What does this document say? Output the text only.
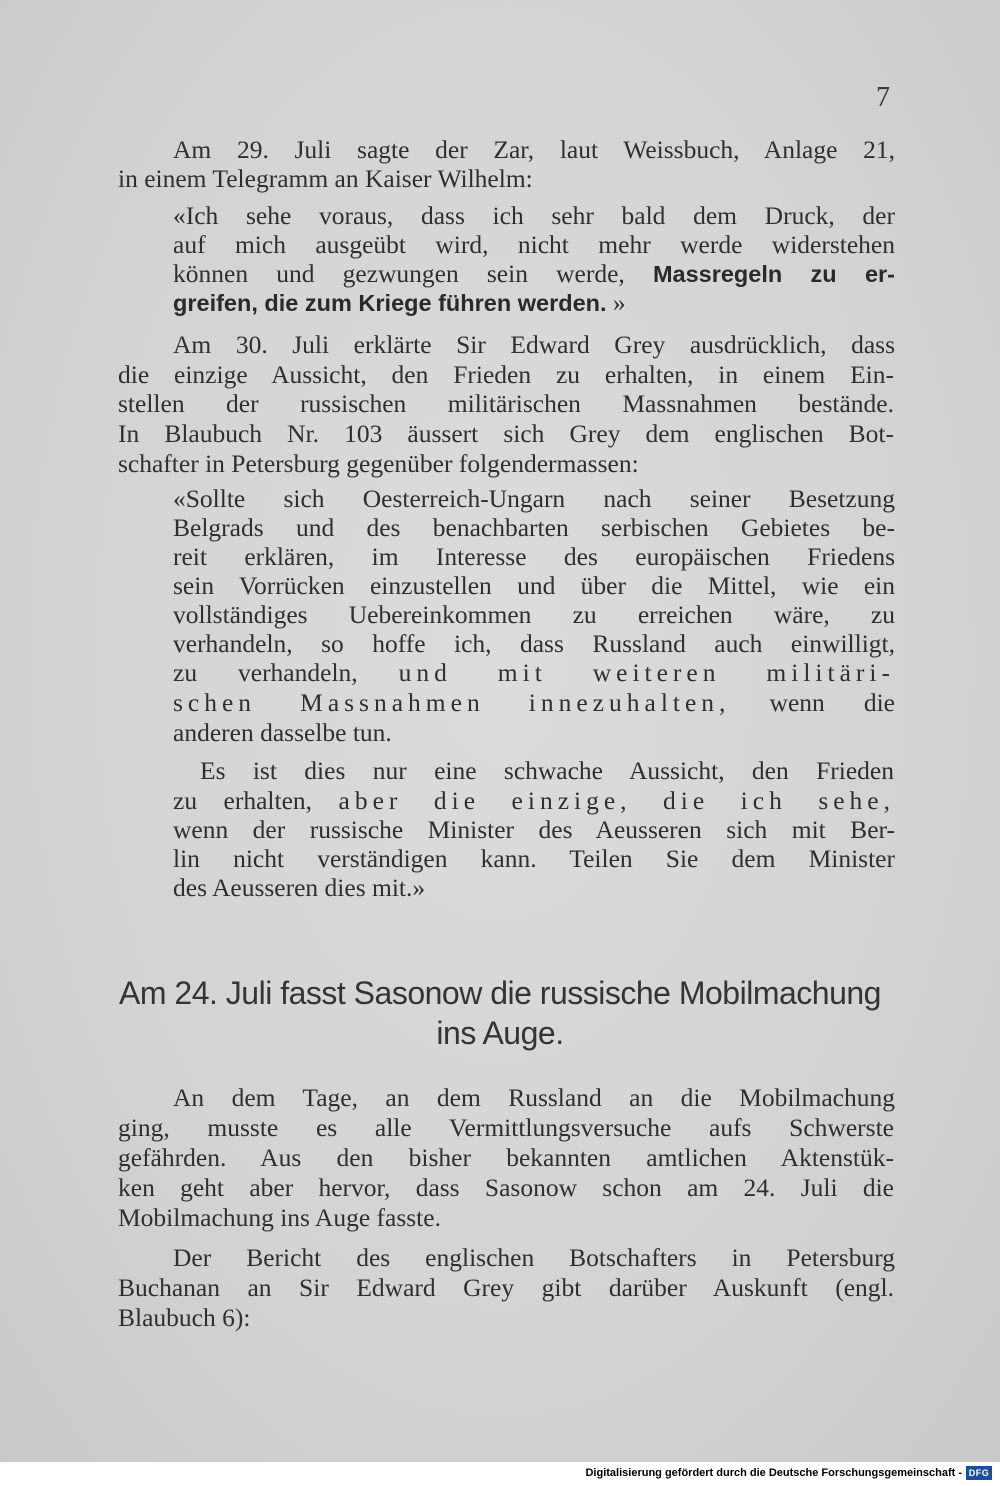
7
Am 29. Juli sagte der Zar, laut Weissbuch, Anlage 21,
in einem Telegramm an Kaiser Wilhelm:
«Ich sehe voraus, dass ich sehr bald dem Druck, der
auf mich ausgeübt wird, nicht mehr werde widerstehen
können und gezwungen sein werde, Massregeln zu er-
greifen, die zum Kriege führen werden. »
Am 30. Juli erklärte Sir Edward Grey ausdrücklich, dass
die einzige Aussicht, den Frieden zu erhalten, in einem Ein-
stellen der russischen militärischen Massnahmen bestände.
In Blaubuch Nr. 103 äussert sich Grey dem englischen Bot-
schafter in Petersburg gegenüber folgendermassen:
«Sollte sich Oesterreich-Ungarn nach seiner Besetzung
Belgrads und des benachbarten serbischen Gebietes be-
reit erklären, im Interesse des europäischen Friedens
sein Vorrücken einzustellen und über die Mittel, wie ein
vollständiges Uebereinkommen zu erreichen wäre, zu
verhandeln, so hoffe ich, dass Russland auch einwilligt,
zu verhandeln, und mit weiteren militäri-
schen Massnahmen innezuhalten, wenn die
anderen dasselbe tun.
Es ist dies nur eine schwache Aussicht, den Frieden
zu erhalten, aber die einzige, die ich sehe,
wenn der russische Minister des Aeusseren sich mit Ber-
lin nicht verständigen kann. Teilen Sie dem Minister
des Aeusseren dies mit.»
Am 24. Juli fasst Sasonow die russische Mobilmachung
ins Auge.
An dem Tage, an dem Russland an die Mobilmachung
ging, musste es alle Vermittlungsversuche aufs Schwerste
gefährden. Aus den bisher bekannten amtlichen Aktenstük-
ken geht aber hervor, dass Sasonow schon am 24. Juli die
Mobilmachung ins Auge fasste.
Der Bericht des englischen Botschafters in Petersburg
Buchanan an Sir Edward Grey gibt darüber Auskunft (engl.
Blaubuch 6):
Digitalisierung gefördert durch die Deutsche Forschungsgemeinschaft - DFG
